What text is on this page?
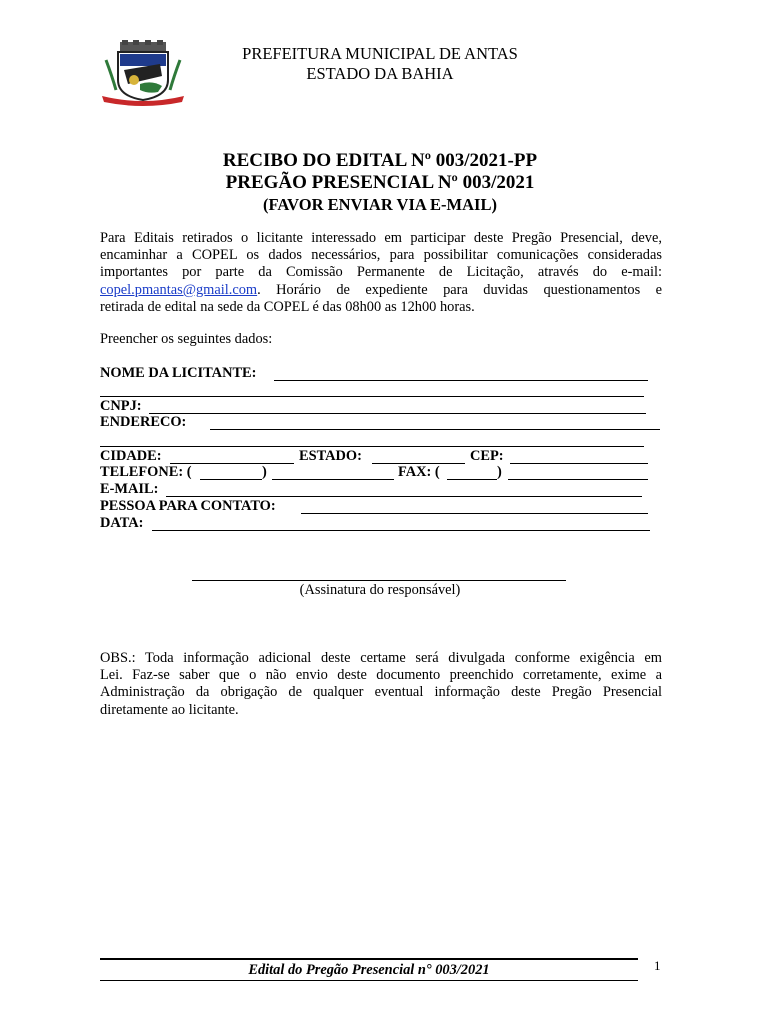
PREFEITURA MUNICIPAL DE ANTAS
ESTADO DA BAHIA
RECIBO DO EDITAL Nº 003/2021-PP
PREGÃO PRESENCIAL Nº 003/2021
(FAVOR ENVIAR VIA E-MAIL)
Para Editais retirados o licitante interessado em participar deste Pregão Presencial, deve,
encaminhar a COPEL os dados necessários, para possibilitar comunicações consideradas
importantes por parte da Comissão Permanente de Licitação, através do e-mail:
copel.pmantas@gmail.com. Horário de expediente para duvidas questionamentos e
retirada de edital na sede da COPEL é das 08h00 as 12h00 horas.
Preencher os seguintes dados:
NOME DA LICITANTE:
CNPJ:
ENDERECO:
CIDADE:	ESTADO:	CEP:
TELEFONE: (	)	FAX: (	)
E-MAIL:
PESSOA PARA CONTATO:
DATA:
(Assinatura do responsável)
OBS.: Toda informação adicional deste certame será divulgada conforme exigência em
Lei. Faz-se saber que o não envio deste documento preenchido corretamente, exime a
Administração da obrigação de qualquer eventual informação deste Pregão Presencial
diretamente ao licitante.
Edital do Pregão Presencial n° 003/2021	1
